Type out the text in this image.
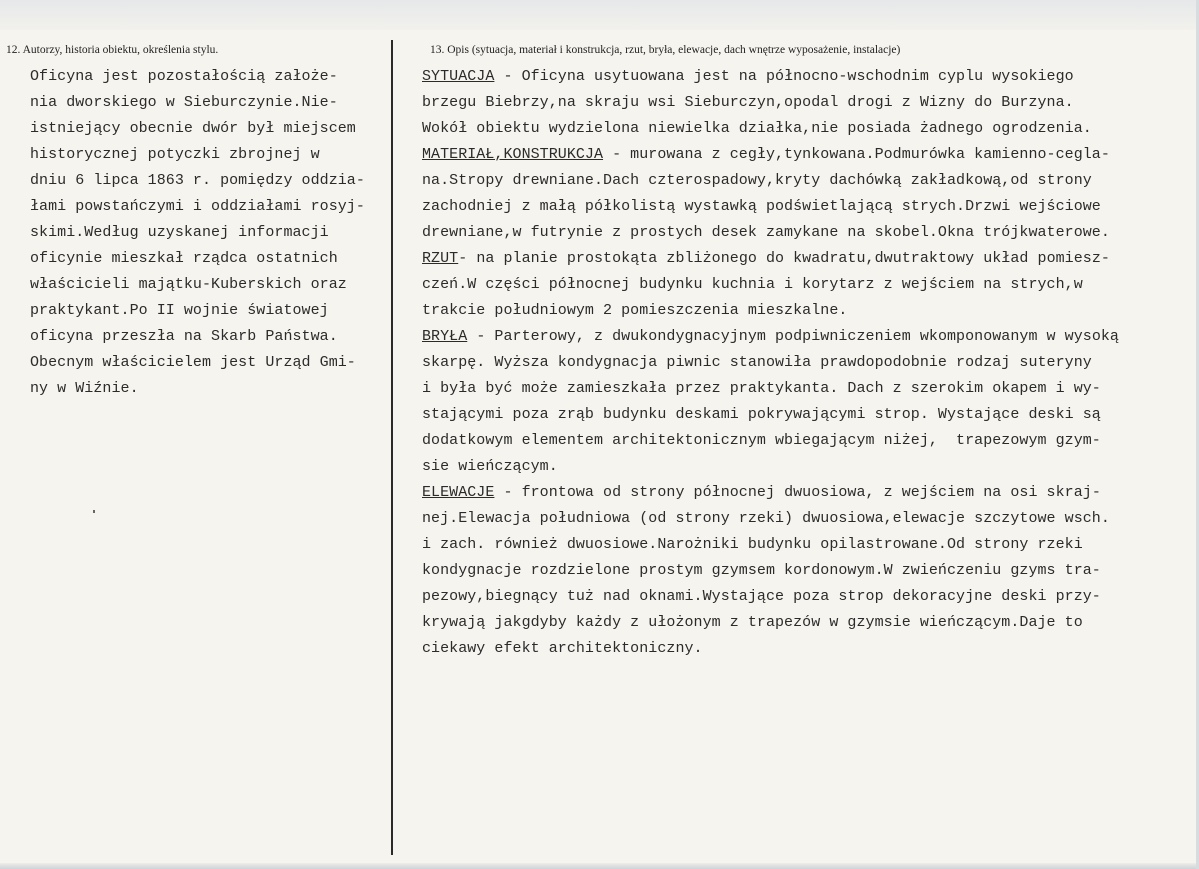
12. Autorzy, historia obiektu, określenia stylu.	13. Opis (sytuacja, materiał i konstrukcja, rzut, bryła, elewacje, dach wnętrze wyposażenie, instalacje)
Oficyna jest pozostałością założe-
nia dworskiego w Sieburczynie.Nie-
istniejący obecnie dwór był miejscem
historycznej potyczki zbrojnej w
dniu 6 lipca 1863 r. pomiędzy oddzia-
łami powstańczymi i oddziałami rosyj-
skimi.Według uzyskanej informacji
oficynie mieszkał rządca ostatnich
właścicieli majątku-Kuberskich oraz
praktykant.Po II wojnie światowej
oficyna przeszła na Skarb Państwa.
Obecnym właścicielem jest Urząd Gmi-
ny w Wiźnie.
SYTUACJA - Oficyna usytuowana jest na północno-wschodnim cyplu wysokiego
brzegu Biebrzy,na skraju wsi Sieburczyn,opodal drogi z Wizny do Burzyna.
Wokół obiektu wydzielona niewielka działka,nie posiada żadnego ogrodzenia.
MATERIAŁ,KONSTRUKCJA - murowana z cegły,tynkowana.Podmurówka kamienno-cegla-
na.Stropy drewniane.Dach czterospadowy,kryty dachówką zakładkową,od strony
zachodniej z małą półkolistą wystawką podświetlającą strych.Drzwi wejściowe
drewniane,w futrynie z prostych desek zamykane na skobel.Okna trójkwaterowe.
RZUT- na planie prostokąta zbliżonego do kwadratu,dwutraktowy układ pomiesz-
czeń.W części północnej budynku kuchnia i korytarz z wejściem na strych,w
trakcie południowym 2 pomieszczenia mieszkalne.
BRYŁA - Parterowy, z dwukondygnacyjnym podpiwniczeniem wkomponowanym w wysoką
skarpę. Wyższa kondygnacja piwnic stanowiła prawdopodobnie rodzaj suteryny
i była być może zamieszkała przez praktykanta. Dach z szerokim okapem i wy-
stającymi poza zrąb budynku deskami pokrywającymi strop. Wystające deski są
dodatkowym elementem architektonicznym wbiegającym niżej,  trapezowym gzym-
sie wieńczącym.
ELEWACJE - frontowa od strony północnej dwuosiowa, z wejściem na osi skraj-
nej.Elewacja południowa (od strony rzeki) dwuosiowa,elewacje szczytowe wsch.
i zach. również dwuosiowe.Narożniki budynku opilastrowane.Od strony rzeki
kondygnacje rozdzielone prostym gzymsem kordonowym.W zwieńczeniu gzyms tra-
pezowy,biegnący tuż nad oknami.Wystające poza strop dekoracyjne deski przy-
krywają jakgdyby każdy z ułożonym z trapezów w gzymsie wieńczącym.Daje to
ciekawy efekt architektoniczny.
